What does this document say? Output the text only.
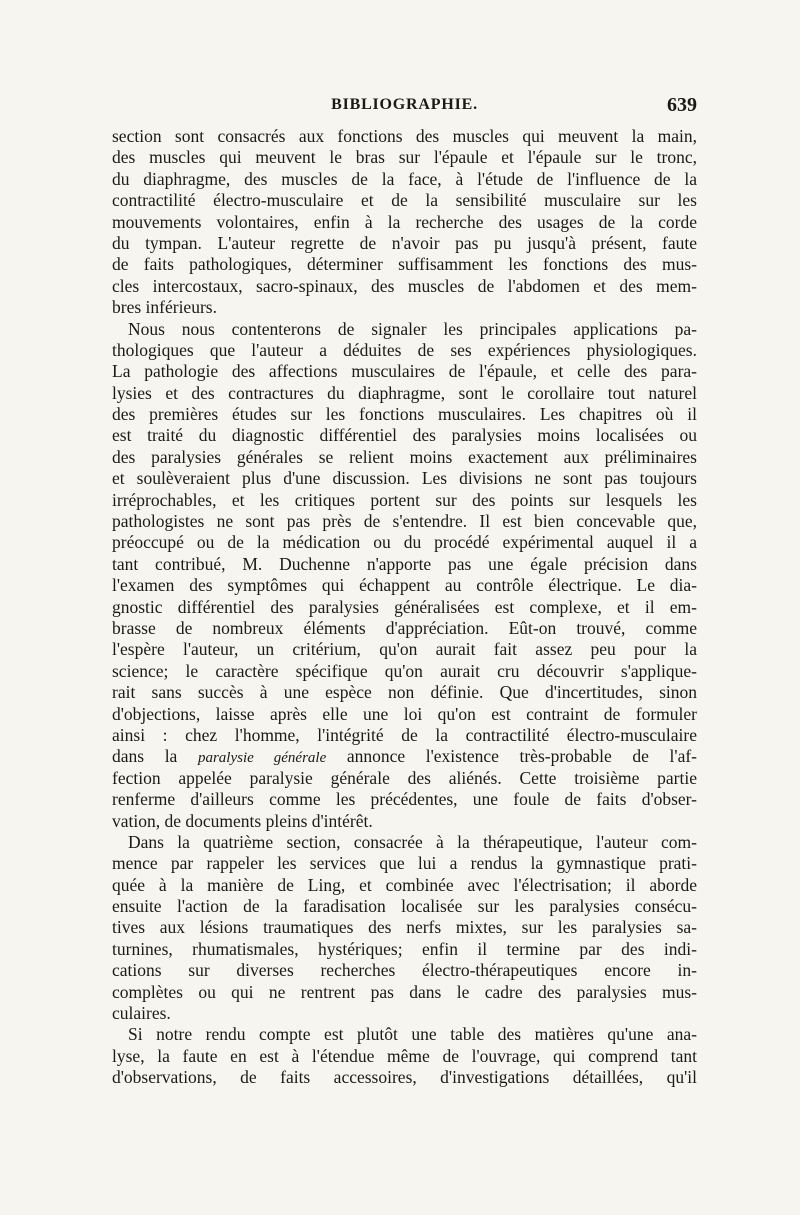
BIBLIOGRAPHIE.	639
section sont consacrés aux fonctions des muscles qui meuvent la main,
des muscles qui meuvent le bras sur l'épaule et l'épaule sur le tronc,
du diaphragme, des muscles de la face, à l'étude de l'influence de la
contractilité électro-musculaire et de la sensibilité musculaire sur les
mouvements volontaires, enfin à la recherche des usages de la corde
du tympan. L'auteur regrette de n'avoir pas pu jusqu'à présent, faute
de faits pathologiques, déterminer suffisamment les fonctions des mus-
cles intercostaux, sacro-spinaux, des muscles de l'abdomen et des mem-
bres inférieurs.
Nous nous contenterons de signaler les principales applications pa-
thologiques que l'auteur a déduites de ses expériences physiologiques.
La pathologie des affections musculaires de l'épaule, et celle des para-
lysies et des contractures du diaphragme, sont le corollaire tout naturel
des premières études sur les fonctions musculaires. Les chapitres où il
est traité du diagnostic différentiel des paralysies moins localisées ou
des paralysies générales se relient moins exactement aux préliminaires
et soulèveraient plus d'une discussion. Les divisions ne sont pas toujours
irréprochables, et les critiques portent sur des points sur lesquels les
pathologistes ne sont pas près de s'entendre. Il est bien concevable que,
préoccupé ou de la médication ou du procédé expérimental auquel il a
tant contribué, M. Duchenne n'apporte pas une égale précision dans
l'examen des symptômes qui échappent au contrôle électrique. Le dia-
gnostic différentiel des paralysies généralisées est complexe, et il em-
brasse de nombreux éléments d'appréciation. Eût-on trouvé, comme
l'espère l'auteur, un critérium, qu'on aurait fait assez peu pour la
science; le caractère spécifique qu'on aurait cru découvrir s'applique-
rait sans succès à une espèce non définie. Que d'incertitudes, sinon
d'objections, laisse après elle une loi qu'on est contraint de formuler
ainsi : chez l'homme, l'intégrité de la contractilité électro-musculaire
dans la paralysie générale annonce l'existence très-probable de l'af-
fection appelée paralysie générale des aliénés. Cette troisième partie
renferme d'ailleurs comme les précédentes, une foule de faits d'obser-
vation, de documents pleins d'intérêt.
Dans la quatrième section, consacrée à la thérapeutique, l'auteur com-
mence par rappeler les services que lui a rendus la gymnastique prati-
quée à la manière de Ling, et combinée avec l'électrisation; il aborde
ensuite l'action de la faradisation localisée sur les paralysies consécu-
tives aux lésions traumatiques des nerfs mixtes, sur les paralysies sa-
turnines, rhumatismales, hystériques; enfin il termine par des indi-
cations sur diverses recherches électro-thérapeutiques encore in-
complètes ou qui ne rentrent pas dans le cadre des paralysies mus-
culaires.
Si notre rendu compte est plutôt une table des matières qu'une ana-
lyse, la faute en est à l'étendue même de l'ouvrage, qui comprend tant
d'observations, de faits accessoires, d'investigations détaillées, qu'il
